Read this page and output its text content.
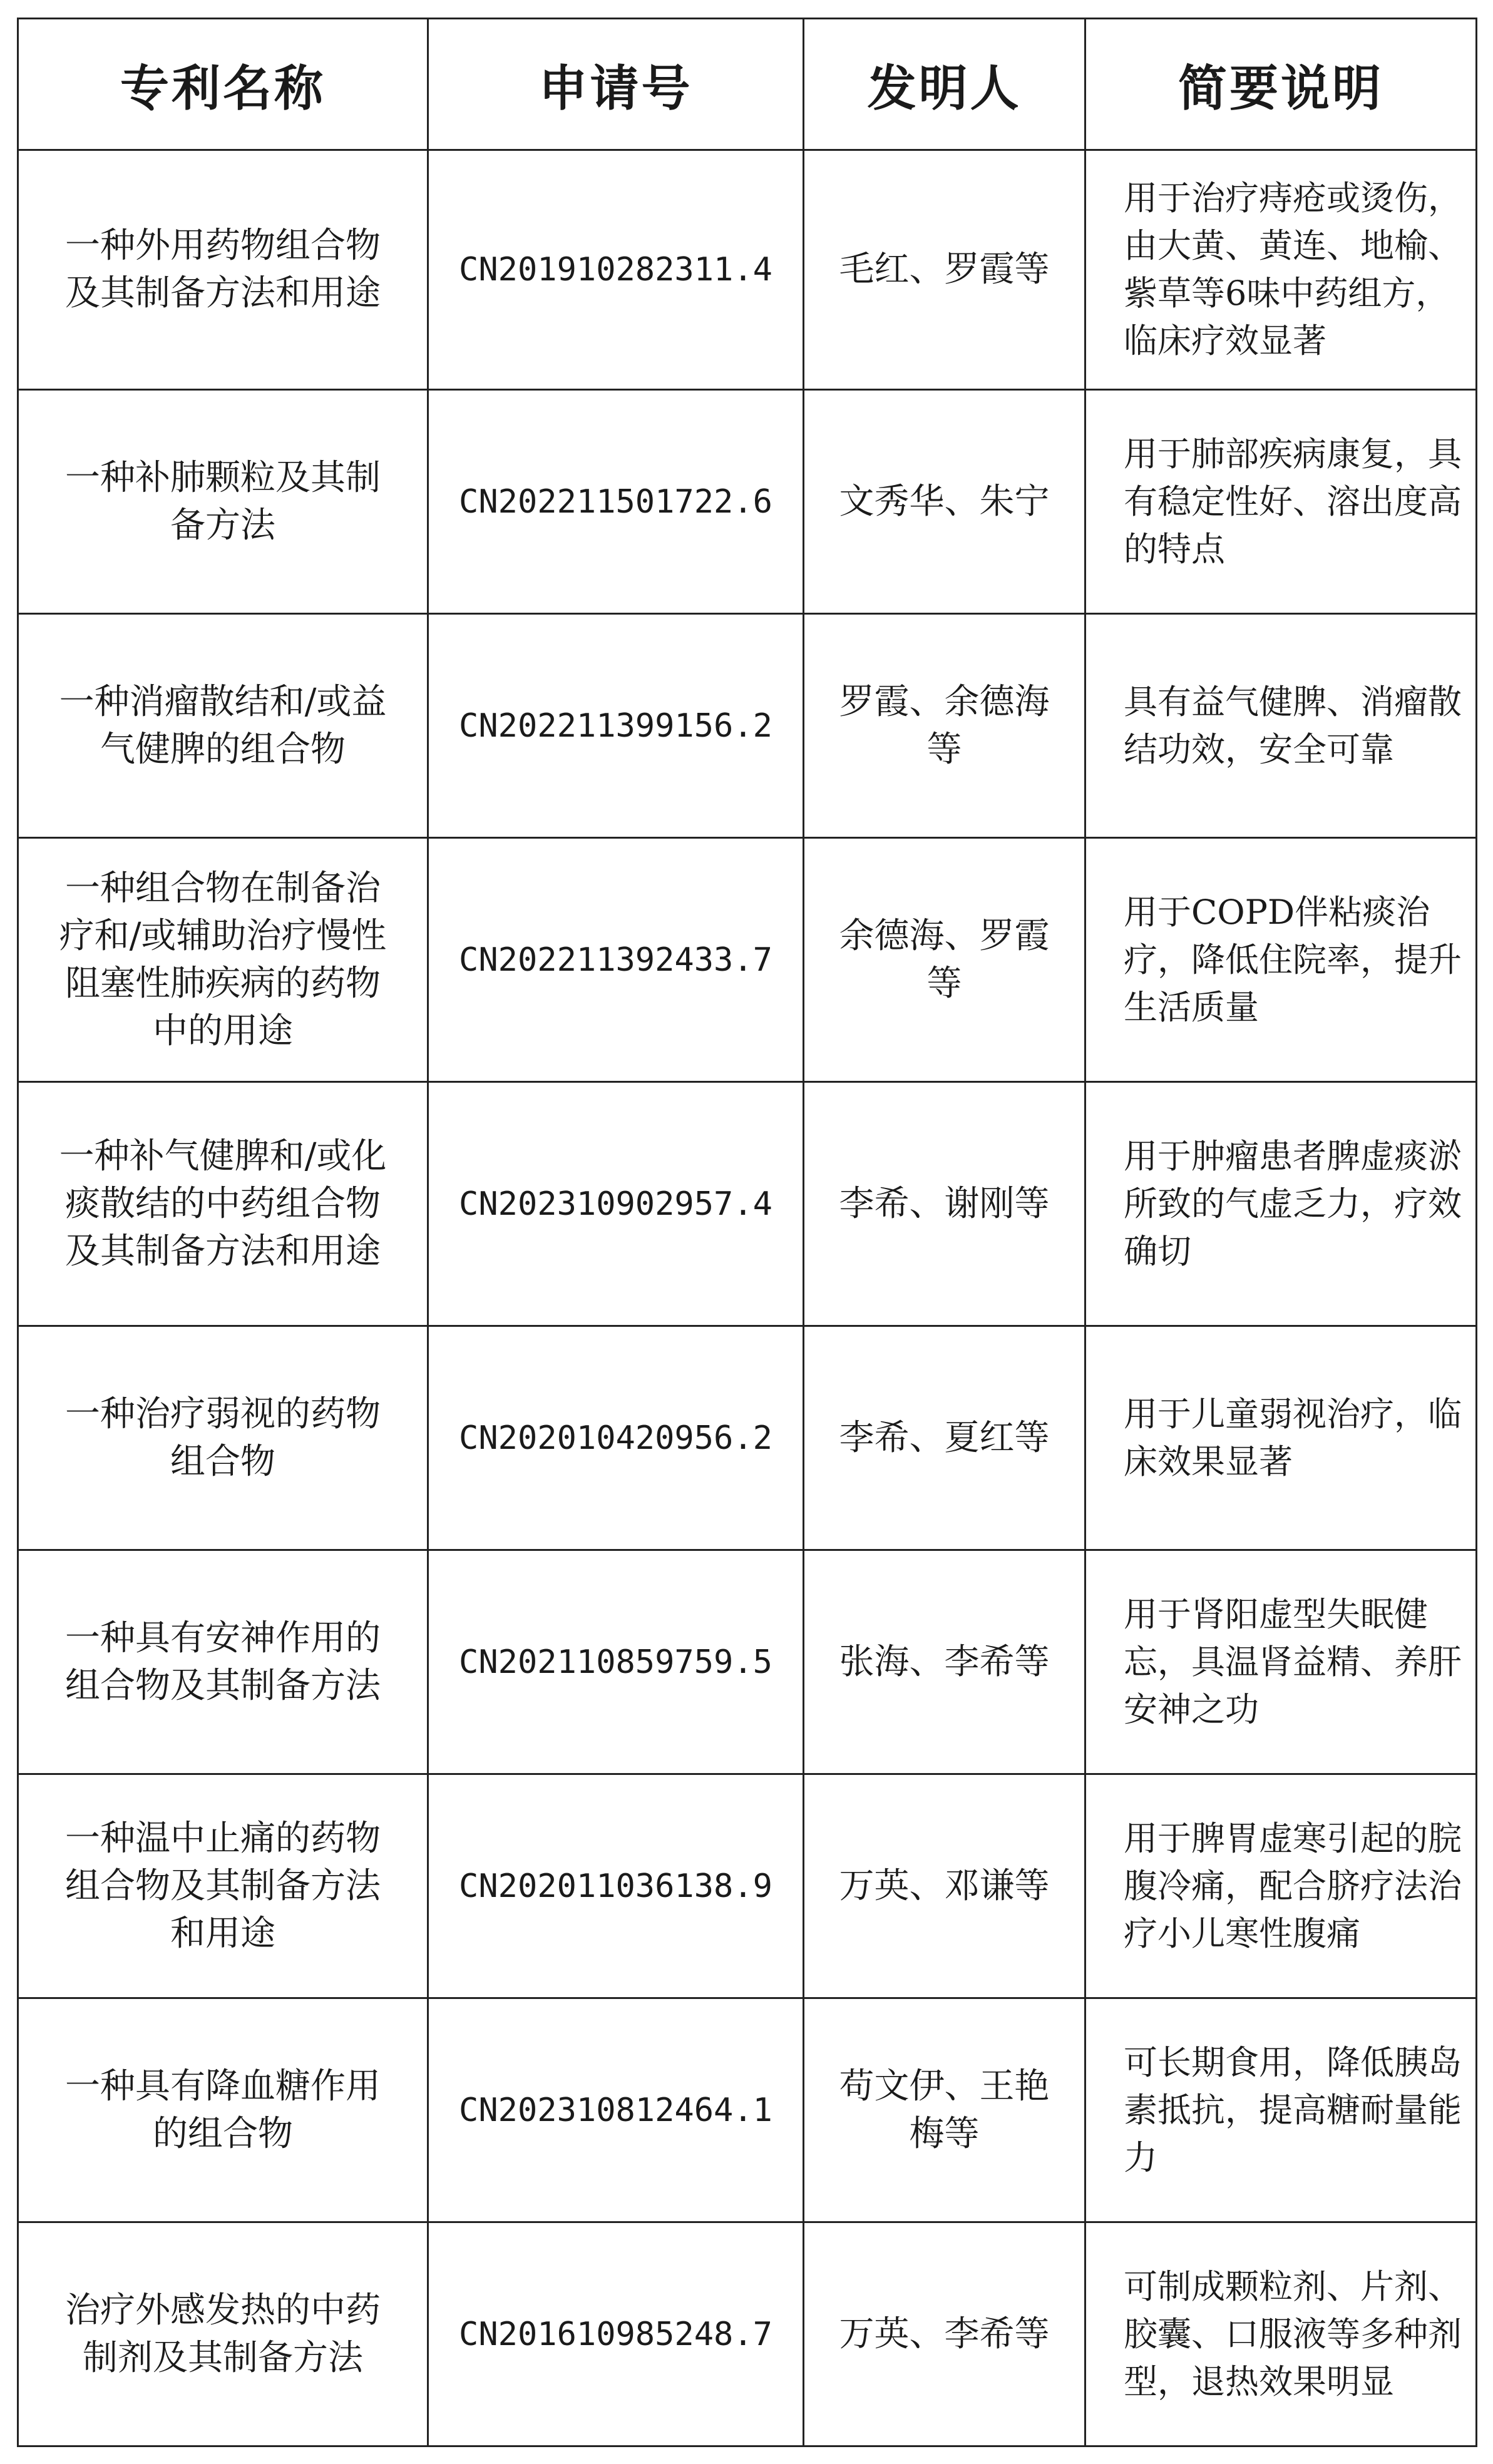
专利名称	申请号	发明人	简要说明
一种外用药物组合物及其制备方法和用途	CN201910282311.4	毛红、罗霞等	用于治疗痔疮或烫伤，由大黄、黄连、地榆、紫草等6味中药组方，临床疗效显著
一种补肺颗粒及其制备方法	CN202211501722.6	文秀华、朱宁	用于肺部疾病康复，具有稳定性好、溶出度高的特点
一种消瘤散结和/或益气健脾的组合物	CN202211399156.2	罗霞、余德海等	具有益气健脾、消瘤散结功效，安全可靠
一种组合物在制备治疗和/或辅助治疗慢性阻塞性肺疾病的药物中的用途	CN202211392433.7	余德海、罗霞等	用于COPD伴粘痰治疗，降低住院率，提升生活质量
一种补气健脾和/或化痰散结的中药组合物及其制备方法和用途	CN202310902957.4	李希、谢刚等	用于肿瘤患者脾虚痰淤所致的气虚乏力，疗效确切
一种治疗弱视的药物组合物	CN202010420956.2	李希、夏红等	用于儿童弱视治疗，临床效果显著
一种具有安神作用的组合物及其制备方法	CN202110859759.5	张海、李希等	用于肾阳虚型失眠健忘，具温肾益精、养肝安神之功
一种温中止痛的药物组合物及其制备方法和用途	CN202011036138.9	万英、邓谦等	用于脾胃虚寒引起的脘腹冷痛，配合脐疗法治疗小儿寒性腹痛
一种具有降血糖作用的组合物	CN202310812464.1	苟文伊、王艳梅等	可长期食用，降低胰岛素抵抗，提高糖耐量能力
治疗外感发热的中药制剂及其制备方法	CN201610985248.7	万英、李希等	可制成颗粒剂、片剂、胶囊、口服液等多种剂型，退热效果明显
